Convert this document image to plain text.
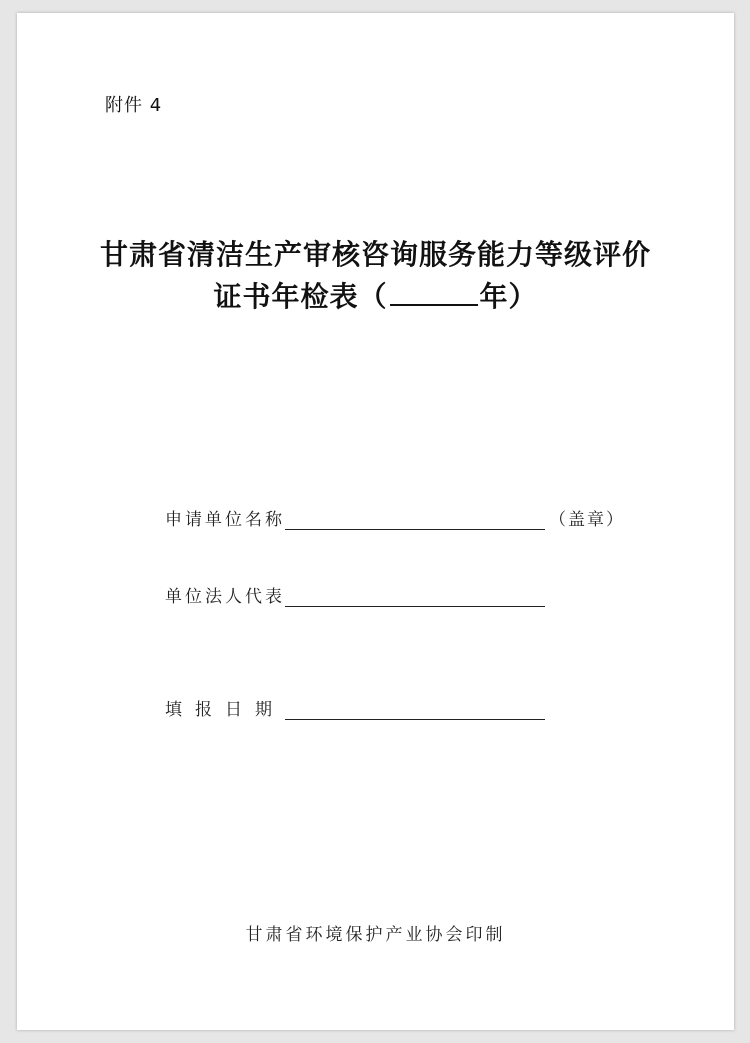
附件 4
甘肃省清洁生产审核咨询服务能力等级评价
证书年检表（	年）
申请单位名称	（盖章）
单位法人代表
填报日期
甘肃省环境保护产业协会印制
